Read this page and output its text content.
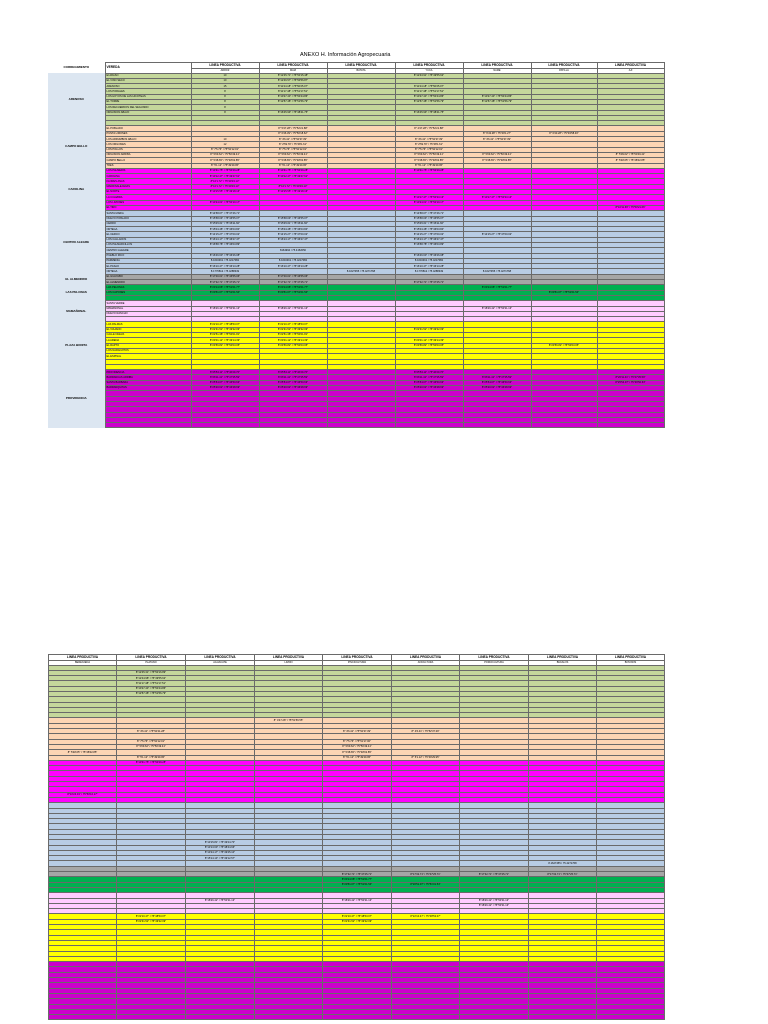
ANEXO H. Información Agropecuaria
CORREGIMIENTO	VEREDA	LINEA PRODUCTIVA	LINEA PRODUCTIVA	LINEA PRODUCTIVA	LINEA PRODUCTIVA	LINEA PRODUCTIVA	LINEA PRODUCTIVA	LINEA PRODUCTIVA
		ARROZ	MAIZ	BATATA	YUCA	ÑAME	PATILLA	AJI
ARENOSO	El ARASO	10	8°12'45.71" / 75°50'15.48"		8°12'43.91" / 75°49'55.62"			
	EL VINO SECO	10	8°12'46.57" / 75°50'56.87"					
	ARENOSO	15	8°11'24.18" / 75°50'25.07"		8°11'24.18" / 75°50'25.07"			
	LOS PORALES	8	8°11'17.48" / 75°51'17.51"		8°11'17.48" / 75°51'17.51"			
	LOS HOYOS DE LAS HICOTEAS	8	8°10'27.43" / 75°50'44.86"		8°10'27.43" / 75°50'44.86"	8°10'27.43" / 75°50'44.86"		
	EL TORRE	8	8°12'57.48" / 75°51'56.79"		8°12'57.48" / 75°51'56.79"	8°12'57.48" / 75°51'56.79"		
	LOS RECUERDOS DEL SEGUNDO	8						
	ORGONON ABAJO	8	8°16'45.99" / 75°48'41.75"		8°16'45.99" / 75°48'41.75"			

CAMPO BELLO	EL POBLADO		8° 5'47.28" / 75°52'21.88"		8° 4'47.28" / 75°52'21.88"			
	PUNTA LIMONES		8° 6'46.39" / 75°50'18.62"			8° 6'43.28" / 75°49'1.27"	8° 6'43.28" / 75°49'58.46"	
	LOS ARRUMBOS ABAJO	10	8° 4'6.41" / 75°52'37.39"		8° 4'6.41" / 75°52'37.39"	8° 4'6.41" / 75°52'37.39"		
	LOS ORGONES	12	8° 2'59.79" / 75°48'1.61"		8° 2'59.79" / 75°48'1.61"			
	LOS POLLOS	8° 7'5.76" / 75°52'12.01"	8° 7'5.76" / 75°52'12.01"		8° 7'5.76" / 75°52'12.01"			
	ORGONON ARRIBA	8° 5'09.62" / 75°50'49.41"	8° 5'09.62" / 75°50'49.41"		8° 5'09.62" / 75°50'49.41"	8° 5'09.62" / 75°50'49.41"		8° 5'09.62" / 75°50'49.41"
	CAMPO BELLO	8° 5'48.65" / 75°48'02.85"	8° 5'48.65" / 75°48'02.85"		8° 5'48.65" / 75°48'02.85"	8° 5'48.65" / 75°48'02.85"		8° 5'48.65" / 75°48'02.85"
	TRES	8° 5'1.12" / 75°49'29.95"	8° 5'1.12" / 75°49'29.95"		8° 5'1.12" / 75°49'29.95"			
CAROLINA	LOS PALMERIS	8°10'31.75" / 75°50'29.28"	8°10'31.75" / 75°50'29.28"		8°10'31.75" / 75°50'29.28"			
	CAROLINA	8°10'12.47" / 75°49'47.61"	8°10'12.47" / 75°49'47.61"					
	FLORES ANAS	8°10'1.72" / 75°49'33.13"						
	MADRINALEJADAS	8°10'1.72" / 75°49'33.13"	8°10'1.72" / 75°49'33.13"					
	EL NORTE	8°10'15.55" / 75°49'18.16"	8°10'15.55" / 75°49'18.16"					
	LA CULEBRA				8°10'17.47" / 75°50'33.13"	8°10'17.47" / 75°50'33.13"		
	LOS LIMONES	8°10'24.01" / 75°50'10.17"			8°10'24.01" / 75°50'10.17"			
	EL TIRO							8°10'11.66" / 75°50'21.66"
CENTRO ALEGRE	SANTA MARIA	8°14'58.07" / 75°47'46.71"			8°14'58.07" / 75°47'46.71"			
	NUEVO POBLADO	8°15'58.09" / 75°46'55.07"	8°15'58.09" / 75°46'55.07"		8°15'58.09" / 75°46'55.07"			
	CERRO	8°15'45.61" / 75°46'11.60"	8°15'45.61" / 75°46'11.60"		8°15'45.61" / 75°46'11.60"			
	ORTEGA	8°15'04.48" / 75°46'03.84"	8°15'04.48" / 75°46'03.84"		8°15'04.48" / 75°46'03.84"			
	EL CERCO	8°14'15.27" / 75°47'00.02"	8°14'15.27" / 75°47'00.02"		8°14'15.27" / 75°47'00.02"	8°14'15.27" / 75°47'00.02"		
	LOS CALLADOS	8°16'13.17" / 75°46'27.47"	8°16'13.17" / 75°46'27.47"		8°16'13.17" / 75°46'27.47"			
	LOS PALMARCILLOS	8°16'58.78" / 75°46'03.89"			8°16'58.78" / 75°46'03.89"			
	CENTRO ALEGRE		8164994 / 75.4152050					
	PUEBLO RICO	8°16'46.60" / 75°46'26.08"			8°16'46.60" / 75°46'26.08"			
	PARMENIA	8.1616461 / 75.4217082	8.1616461 / 75.4217082		8.1616461 / 75.4217082			
	EL PASAO	8°16'10.47" / 75°46'13.28"	8°16'10.47" / 75°46'13.28"		8°16'10.47" / 75°46'13.28"			
	ORTEGA	8.1776812 / 75.4288349		8.1627455 / 75.4271768	8.1776812 / 75.4288349	8.1627455 / 75.4271768		
EL ALMENDRO	EL GUAYABO	8°17'00.01" / 75°46'55.06"	8°17'00.01" / 75°46'55.06"					
	EL ALMENDRO	8°17'32.71" / 75°47'25.71"	8°17'32.71" / 75°47'25.71"		8°17'32.71" / 75°47'25.71"			
LAS PELONAS	LAS PELONAS	8°20'14.68" / 75°51'01.77"	8°20'14.68" / 75°51'01.77"			8°20'14.68" / 75°51'01.77"		
	LOS CAPONES	8°20'51.07" / 75°51'01.54"	8°20'51.07" / 75°51'01.54"				8°20'51.07" / 75°51'01.54"	

MAMAÑONAL	SANTA VERDE							
	MAMAÑONAL	8°18'26.42" / 75°50'31.13"	8°18'26.42" / 75°50'31.13"			8°18'26.42" / 75°50'31.13"		
	NUEVO RANCHO							

PLAZA BONITA	LAS PALMAS	8°22'10.47" / 75°48'53.07"	8°22'10.47" / 75°48'53.07"					
	EL VIAJANO	8°22'31.52" / 75°49'32.09"	8°22'31.52" / 75°49'32.09"		8°22'31.52" / 75°49'32.09"			
	CALLE NUEVA	8°22'51.38" / 75°50'01.81"	8°22'51.38" / 75°50'01.81"					
	LA ARENA	8°23'01.12" / 75°49'14.39"	8°23'01.12" / 75°49'14.39"		8°23'01.12" / 75°49'14.39"			
	EL RAPTO	8°23'56.82" / 75°50'03.05"	8°23'56.82" / 75°50'03.05"		8°23'56.82" / 75°50'03.05"		8°23'56.82" / 75°50'03.05"	
	LOS NARANJITOS							
	EL ESPINAL							

PROVIDENCIA	PROVIDENCIA	8°25'53.11" / 75°46'29.76"	8°25'53.11" / 75°46'29.76"		8°25'53.11" / 75°46'29.76"			
	BARRANCAS ARRIBA	8°26'11.41" / 75°47'35.59"	8°26'11.41" / 75°47'35.59"		8°26'11.41" / 75°47'35.59"	8°26'11.41" / 75°47'35.59"		8°26'11.41" / 75°47'35.59"
	SANTA BARBARA	8°25'54.07" / 75°46'50.63"	8°25'54.07" / 75°46'50.63"		8°25'54.07" / 75°46'50.63"	8°25'54.07" / 75°46'50.63"		8°25'54.07" / 75°46'50.63"
	BARRANQUITAS	8°25'20.62" / 75°46'28.69"	8°25'20.62" / 75°46'28.69"		8°25'20.62" / 75°46'28.69"	8°25'20.62" / 75°46'28.69"		

LINEA PRODUCTIVA	LINEA PRODUCTIVA	LINEA PRODUCTIVA	LINEA PRODUCTIVA	LINEA PRODUCTIVA	LINEA PRODUCTIVA	LINEA PRODUCTIVA	LINEA PRODUCTIVA	LINEA PRODUCTIVA
BERENJENA	PLATANO	AGUACATE	LIMÓN	PISCICULTURA	AVICULTURA	PORCICULTURA	BUFALOS	BOVINOS

	8°12'45.31" / 75°50'16.89"							
	8°12'44.98" / 75°49'55.62"							
	8°11'17.48" / 75°51'17.51"							
	8°10'27.43" / 75°50'44.86"							
	8°12'57.48" / 75°51'56.79"							

			8° 4'47.28" / 75°51'56.55"					

	8° 4'6.41" / 75°52'21.28"			8° 4'6.41" / 75°52'37.39"	8° 4'6.41" / 75°52'37.39"			

	8° 7'5.76" / 75°52'12.01"			8° 7'5.76" / 75°51'17.00"				
	8° 5'09.62" / 75°50'49.41"			8° 5'09.62" / 75°50'49.41"				
8° 5'48.65" / 75°48'02.85"				8° 5'48.65" / 75°48'02.85"				
	8° 5'1.12" / 75°49'29.95"			8° 5'1.12" / 75°49'29.95"	8° 5'1.12" / 75°49'29.95"			
	8°10'31.75" / 75°50'29.28"							

8°10'24.01" / 75°50'10.17"								

		8°13'15.81" / 75°49'24.70"						
		8°13'13.60" / 75°48'44.66"						
		8°13'24.17" / 75°49'25.10"						
		8°15'14.13" / 75°49'12.57"						
							8.1627455 / 75.4271768	

				8°17'32.71" / 75°47'25.71"	8°17'32.71" / 75°47'25.71"	8°17'32.71" / 75°47'25.71"	8°17'32.71" / 75°47'25.71"	
				8°20'14.68" / 75°51'01.77"				
				8°20'51.07" / 75°51'01.54"	8°20'51.07" / 75°51'01.54"			

		8°18'26.42" / 75°50'31.13"		8°18'26.42" / 75°50'31.13"		8°18'26.42" / 75°50'31.13"		
						8°18'26.42" / 75°50'31.13"		

	8°22'10.47" / 75°48'53.07"			8°22'10.47" / 75°48'53.07"	8°22'10.47" / 75°48'53.07"			
	8°22'31.52" / 75°49'32.09"			8°22'31.52" / 75°49'32.09"				
